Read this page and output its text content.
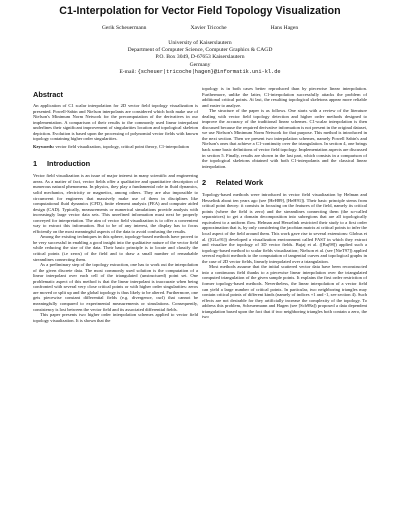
C1-Interpolation for Vector Field Topology Visualization
Gerik Scheuermann	Xavier Tricoche	Hans Hagen
University of Kaiserslautern
Department of Computer Science, Computer Graphics & CAGD
P.O. Box 3049, D-67653 Kaiserslautern
Germany
E-mail: {scheuer|tricoche|hagen}@informatik.uni-kl.de
Abstract

An application of C1 scalar interpolation for 2D vector field topology visualization is presented. Powell-Sabin and Nielson interpolants are considered which both make use of Nielson's Minimum Norm Network for the precomputation of the derivatives in our implementation. A comparison of their results to the commonly used linear interpolant underlines their significant improvement of singularities location and topological skeleton depiction. Evolution is based upon the processing of polynomial vector fields with known topology containing higher order singularities.

Keywords: vector field visualization, topology, critical point theory, C1-interpolation
1 Introduction

Vector field visualization is an issue of major interest in many scientific and engineering areas. As a matter of fact, vector fields offer a qualitative and quantitative description of numerous natural phenomena. In physics, they play a fundamental role in fluid dynamics, solid mechanics, electricity or magnetics, among others. They are also impossible to circumvent for engineers that massively make use of them in disciplines like computational fluid dynamics (CFD), finite element analysis (FEA) and computer aided design (CAD). Typically, measurements or numerical simulations provide analysts with increasingly large vector data sets. This unrefined information must next be properly conveyed for interpretation. The aim of vector field visualization is to offer a convenient way to extract this information. But to be of any interest, the display has to focus efficiently on the most meaningful aspects of the data to avoid confusing the results.

Among the existing techniques in this sphere, topology-based methods have proved to be very successful in enabling a good insight into the qualitative nature of the vector field while reducing the size of the data. Their basic principle is to locate and classify the critical points (i.e zeros) of the field and to draw a small number of remarkable streamlines connecting them.

As a preliminary step of the topology extraction, one has to work out the interpolation of the given discrete data. The most commonly used solution is the computation of a linear interpolant over each cell of the triangulated (unstructured) point set. One problematic aspect of this method is that the linear interpolant is inaccurate when being confronted with several very close critical points or with higher order singularities: zeros are moved or split up and the global topology is thus likely to be altered. Furthermore, one gets piecewise constant differential fields (e.g. divergence, curl) that cannot be meaningfully compared to experimental measurements or simulations. Consequently, consistency is lost between the vector field and its associated differential fields.

This paper presents two higher order interpolation schemes applied to vector field topology visualization. It is shown that the

topology is in both cases better reproduced than by piecewise linear interpolation. Furthermore, unlike the latter, C1-interpolation successfully attacks the problem of additional critical points. At last, the resulting topological skeletons appear more reliable and easier to analyze.

The structure of the paper is as follows. One starts with a review of the literature dealing with vector field topology detection and higher order methods designed to improve the accuracy of the traditional linear schemes. C1-scalar interpolation is then discussed because the required derivative information is not present in the original dataset, we use Nielson's Minimum Norm Network for that purpose. This method is introduced in the next section. Then we present two interpolation schemes, namely Powell Sabin's and Nielson's ones that achieve a C1-continuity over the triangulation. In section 4, one brings back some basic definitions of vector field topology. Implementation aspects are discussed in section 5. Finally, results are shown in the last part, which consists in a comparison of the topological skeletons obtained with both C1-interpolants and the classical linear interpolation.

2 Related Work

Topology-based methods were introduced in vector field visualization by Helman and Hesselink about ten years ago (see [HeH89], [HeH91]). Their basic principle stems from critical point theory: it consists in focusing on the features of the field, namely its critical points (where the field is zero) and the streamlines connecting them (the so-called separatrices) to get a domain decomposition into subregions that are all topologically equivalent to a uniform flow. Helman and Hesselink restricted their study to a first order approximation that is, by only considering the jacobian matrix at critical points to infer the local aspect of the field around them. This work gave rise to several extensions: Globus et al. ([GLo91]) developed a visualization environment called FAST in which they extract and visualize the topology of 3D vector fields. Bujaj et al. ([Buj98]) applied such a topology-based method to scalar fields visualization; Nielson et al. (see [NieT97]) applied several explicit methods to the computation of tangential curves and topological graphs in the case of 2D vector fields, linearly interpolated over a triangulation.

Most methods assume that the initial scattered vector data have been reconstructed into a continuous field thanks to a piecewise linear interpolation over the triangulated computed triangulation of the given sample points. It explains the first order restriction of former topology-based methods. Nevertheless, the linear interpolation of a vector field can yield a large number of critical points. In particular, two neighboring triangles may contain critical points of different kinds (namely of indices +1 and -1, see section 4). Such effects are not desirable for they artificially increase the complexity of the topology. To address this problem, Scheuermann and Hagen (see [Sch98a]) proposed a data dependent triangulation based upon the fact that if two neighboring triangles both contain a zero, the two
